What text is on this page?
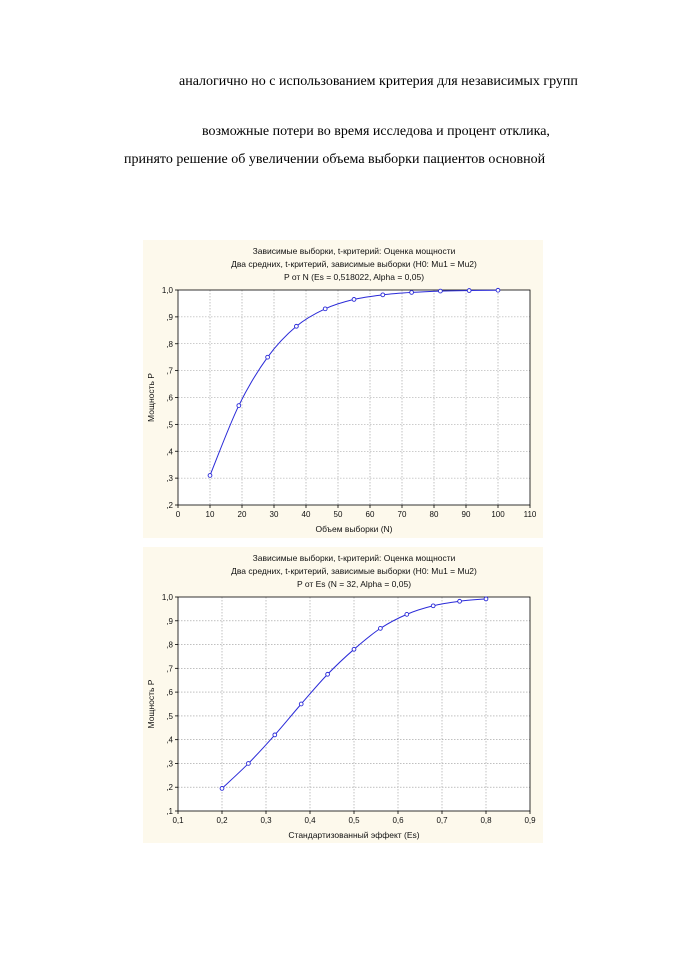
аналогично но с использованием критерия для независимых групп
возможные потери во время исследова и процент отклика,
принято решение об увеличении объема выборки пациентов основной
Зависимые выборки, t-критерий: Оценка мощности
Два средних, t-критерий, зависимые выборки (H0: Mu1 = Mu2)
P от N (Es = 0,518022, Alpha = 0,05)
0	10	20	30	40	50	60	70	80	90	100 110
,2
,3
,4
,5
,6
,7
,8
,9
1,0
Объем выборки (N)
Мощность P
Зависимые выборки, t-критерий: Оценка мощности
Два средних, t-критерий, зависимые выборки (H0: Mu1 = Mu2)
P от Es (N = 32, Alpha = 0,05)
0,1	0,2	0,3	0,4	0,5	0,6	0,7	0,8	0,9
,1
,2
,3
,4
,5
,6
,7
,8
,9
1,0
Стандартизованный эффект (Es)
Мощность P
